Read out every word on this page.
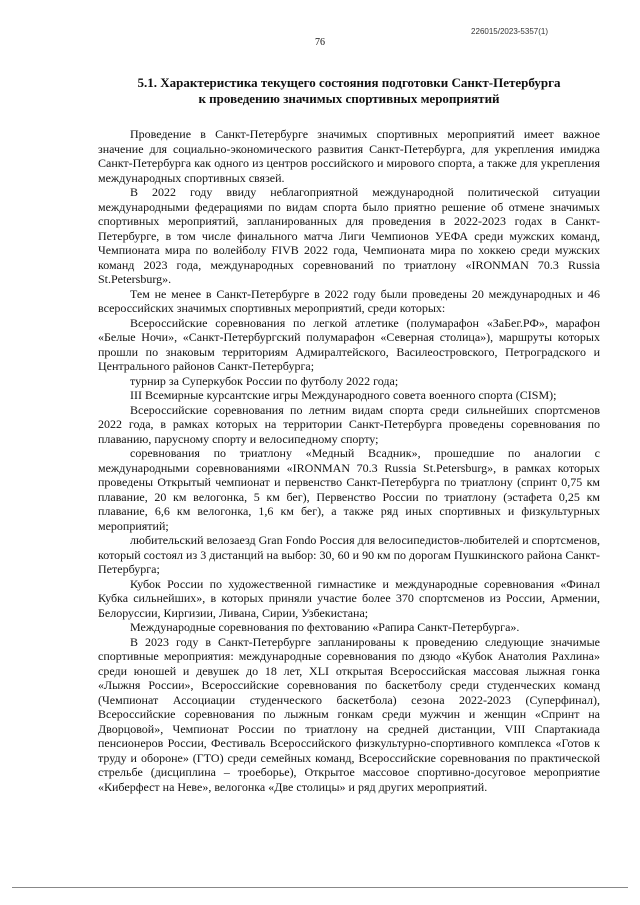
226015/2023-5357(1)
76
5.1. Характеристика текущего состояния подготовки Санкт-Петербурга
к проведению значимых спортивных мероприятий

Проведение в Санкт-Петербурге значимых спортивных мероприятий имеет важное значение для социально-экономического развития Санкт-Петербурга, для укрепления имиджа Санкт-Петербурга как одного из центров российского и мирового спорта, а также для укрепления международных спортивных связей.

В 2022 году ввиду неблагоприятной международной политической ситуации международными федерациями по видам спорта было приятно решение об отмене значимых спортивных мероприятий, запланированных для проведения в 2022-2023 годах в Санкт-Петербурге, в том числе финального матча Лиги Чемпионов УЕФА среди мужских команд, Чемпионата мира по волейболу FIVB 2022 года, Чемпионата мира по хоккею среди мужских команд 2023 года, международных соревнований по триатлону «IRONMAN 70.3 Russia St.Petersburg».

Тем не менее в Санкт-Петербурге в 2022 году были проведены 20 международных и 46 всероссийских значимых спортивных мероприятий, среди которых:

Всероссийские соревнования по легкой атлетике (полумарафон «ЗаБег.РФ», марафон «Белые Ночи», «Санкт-Петербургский полумарафон «Северная столица»), маршруты которых прошли по знаковым территориям Адмиралтейского, Василеостровского, Петроградского и Центрального районов Санкт-Петербурга;

турнир за Суперкубок России по футболу 2022 года;

III Всемирные курсантские игры Международного совета военного спорта (CISM);

Всероссийские соревнования по летним видам спорта среди сильнейших спортсменов 2022 года, в рамках которых на территории Санкт-Петербурга проведены соревнования по плаванию, парусному спорту и велосипедному спорту;

соревнования по триатлону «Медный Всадник», прошедшие по аналогии с международными соревнованиями «IRONMAN 70.3 Russia St.Petersburg», в рамках которых проведены Открытый чемпионат и первенство Санкт-Петербурга по триатлону (спринт 0,75 км плавание, 20 км велогонка, 5 км бег), Первенство России по триатлону (эстафета 0,25 км плавание, 6,6 км велогонка, 1,6 км бег), а также ряд иных спортивных и физкультурных мероприятий;

любительский велозаезд Gran Fondo Россия для велосипедистов-любителей и спортсменов, который состоял из 3 дистанций на выбор: 30, 60 и 90 км по дорогам Пушкинского района Санкт-Петербурга;

Кубок России по художественной гимнастике и международные соревнования «Финал Кубка сильнейших», в которых приняли участие более 370 спортсменов из России, Армении, Белоруссии, Киргизии, Ливана, Сирии, Узбекистана;

Международные соревнования по фехтованию «Рапира Санкт-Петербурга».

В 2023 году в Санкт-Петербурге запланированы к проведению следующие значимые спортивные мероприятия: международные соревнования по дзюдо «Кубок Анатолия Рахлина» среди юношей и девушек до 18 лет, XLI открытая Всероссийская массовая лыжная гонка «Лыжня России», Всероссийские соревнования по баскетболу среди студенческих команд (Чемпионат Ассоциации студенческого баскетбола) сезона 2022-2023 (Суперфинал), Всероссийские соревнования по лыжным гонкам среди мужчин и женщин «Спринт на Дворцовой», Чемпионат России по триатлону на средней дистанции, VIII Спартакиада пенсионеров России, Фестиваль Всероссийского физкультурно-спортивного комплекса «Готов к труду и обороне» (ГТО) среди семейных команд, Всероссийские соревнования по практической стрельбе (дисциплина – троеборье), Открытое массовое спортивно-досуговое мероприятие «Киберфест на Неве», велогонка «Две столицы» и ряд других мероприятий.
